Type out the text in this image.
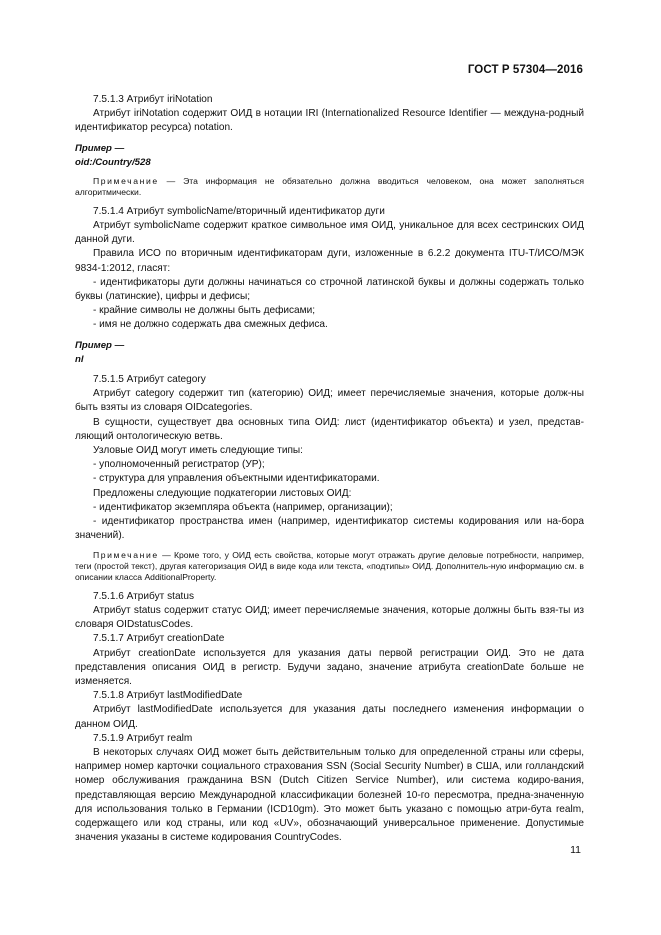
ГОСТ Р 57304—2016

7.5.1.3 Атрибут iriNotation

Атрибут iriNotation содержит ОИД в нотации IRI (Internationalized Resource Identifier — междуна-родный идентификатор ресурса) notation.

Пример —

oid:/Country/528

Примечание — Эта информация не обязательно должна вводиться человеком, она может заполняться алгоритмически.

7.5.1.4 Атрибут symbolicName/вторичный идентификатор дуги

Атрибут symbolicName содержит краткое символьное имя ОИД, уникальное для всех сестринских ОИД данной дуги.

Правила ИСО по вторичным идентификаторам дуги, изложенные в 6.2.2 документа ITU-T/ИСО/МЭК 9834-1:2012, гласят:

- идентификаторы дуги должны начинаться со строчной латинской буквы и должны содержать только буквы (латинские), цифры и дефисы;

- крайние символы не должны быть дефисами;

- имя не должно содержать два смежных дефиса.

Пример —

nl

7.5.1.5 Атрибут category

Атрибут category содержит тип (категорию) ОИД; имеет перечисляемые значения, которые долж-ны быть взяты из словаря OIDcategories.

В сущности, существует два основных типа ОИД: лист (идентификатор объекта) и узел, представ-ляющий онтологическую ветвь.

Узловые ОИД могут иметь следующие типы:

- уполномоченный регистратор (УР);

- структура для управления объектными идентификаторами.

Предложены следующие подкатегории листовых ОИД:

- идентификатор экземпляра объекта (например, организации);

- идентификатор пространства имен (например, идентификатор системы кодирования или на-бора значений).

Примечание — Кроме того, у ОИД есть свойства, которые могут отражать другие деловые потребности, например, теги (простой текст), другая категоризация ОИД в виде кода или текста, «подтипы» ОИД. Дополнитель-ную информацию см. в описании класса AdditionalProperty.

7.5.1.6 Атрибут status

Атрибут status содержит статус ОИД; имеет перечисляемые значения, которые должны быть взя-ты из словаря OIDstatusCodes.

7.5.1.7 Атрибут creationDate

Атрибут creationDate используется для указания даты первой регистрации ОИД. Это не дата представления описания ОИД в регистр. Будучи задано, значение атрибута creationDate больше не изменяется.

7.5.1.8 Атрибут lastModifiedDate

Атрибут lastModifiedDate используется для указания даты последнего изменения информации о данном ОИД.

7.5.1.9 Атрибут realm

В некоторых случаях ОИД может быть действительным только для определенной страны или сферы, например номер карточки социального страхования SSN (Social Security Number) в США, или голландский номер обслуживания гражданина BSN (Dutch Citizen Service Number), или система кодиро-вания, представляющая версию Международной классификации болезней 10-го пересмотра, предна-значенную для использования только в Германии (ICD10gm). Это может быть указано с помощью атри-бута realm, содержащего или код страны, или код «UV», обозначающий универсальное применение. Допустимые значения указаны в системе кодирования CountryCodes.

11
